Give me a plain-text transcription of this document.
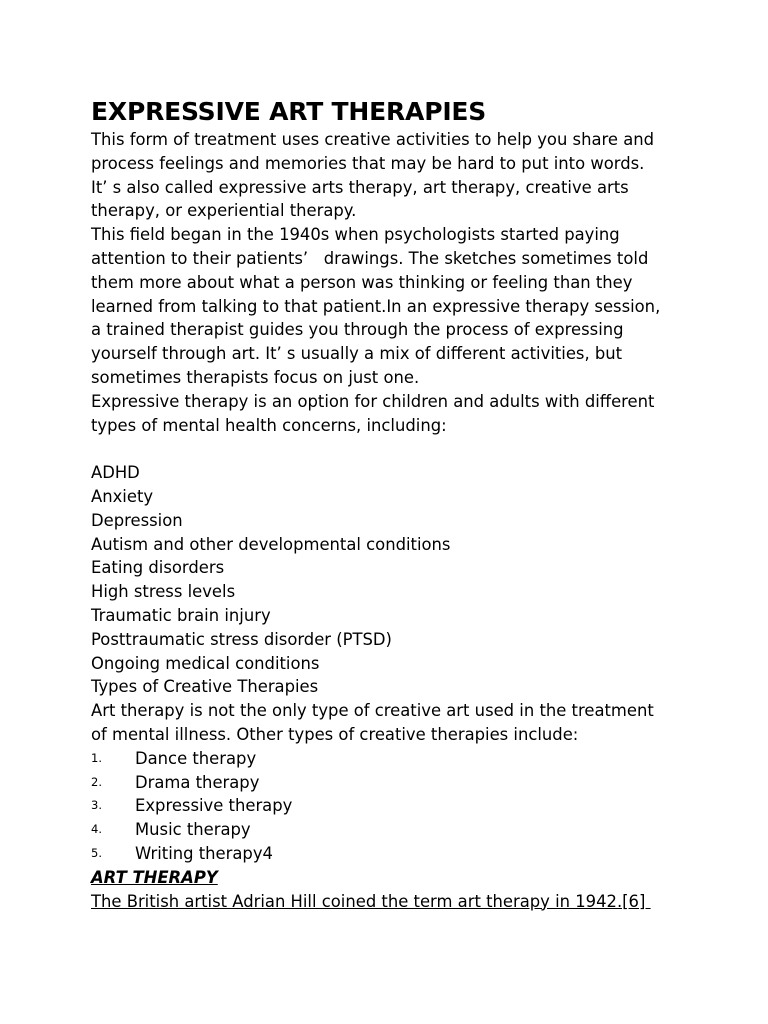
EXPRESSIVE ART THERAPIES

This form of treatment uses creative activities to help you share and

process feelings and memories that may be hard to put into words.

It’ s also called expressive arts therapy, art therapy, creative arts

therapy, or experiential therapy.

This field began in the 1940s when psychologists started paying

attention to their patients’   drawings. The sketches sometimes told

them more about what a person was thinking or feeling than they

learned from talking to that patient.In an expressive therapy session,

a trained therapist guides you through the process of expressing

yourself through art. It’ s usually a mix of different activities, but

sometimes therapists focus on just one.

Expressive therapy is an option for children and adults with different

types of mental health concerns, including:

ADHD

Anxiety

Depression

Autism and other developmental conditions

Eating disorders

High stress levels

Traumatic brain injury

Posttraumatic stress disorder (PTSD)

Ongoing medical conditions

Types of Creative Therapies

Art therapy is not the only type of creative art used in the treatment

of mental illness. Other types of creative therapies include:

1.	Dance therapy
2.	Drama therapy
3.	Expressive therapy
4.	Music therapy
5.	Writing therapy4

ART THERAPY

The British artist Adrian Hill coined the term art therapy in 1942.[6]
